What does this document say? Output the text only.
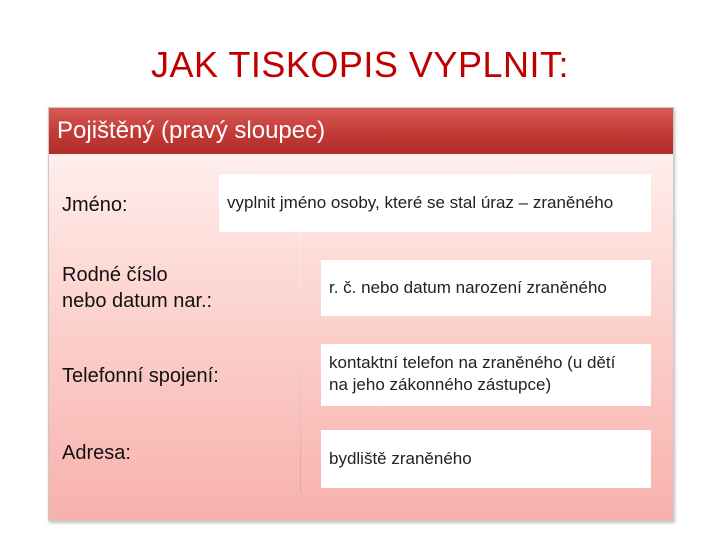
JAK TISKOPIS VYPLNIT:
Pojištěný (pravý sloupec)
Jméno:	vyplnit jméno osoby, které se stal úraz – zraněného
Rodné číslo
nebo datum nar.:
r. č. nebo datum narození zraněného
Telefonní spojení:
kontaktní telefon na zraněného (u dětí
na jeho zákonného zástupce)
Adresa:	bydliště zraněného
